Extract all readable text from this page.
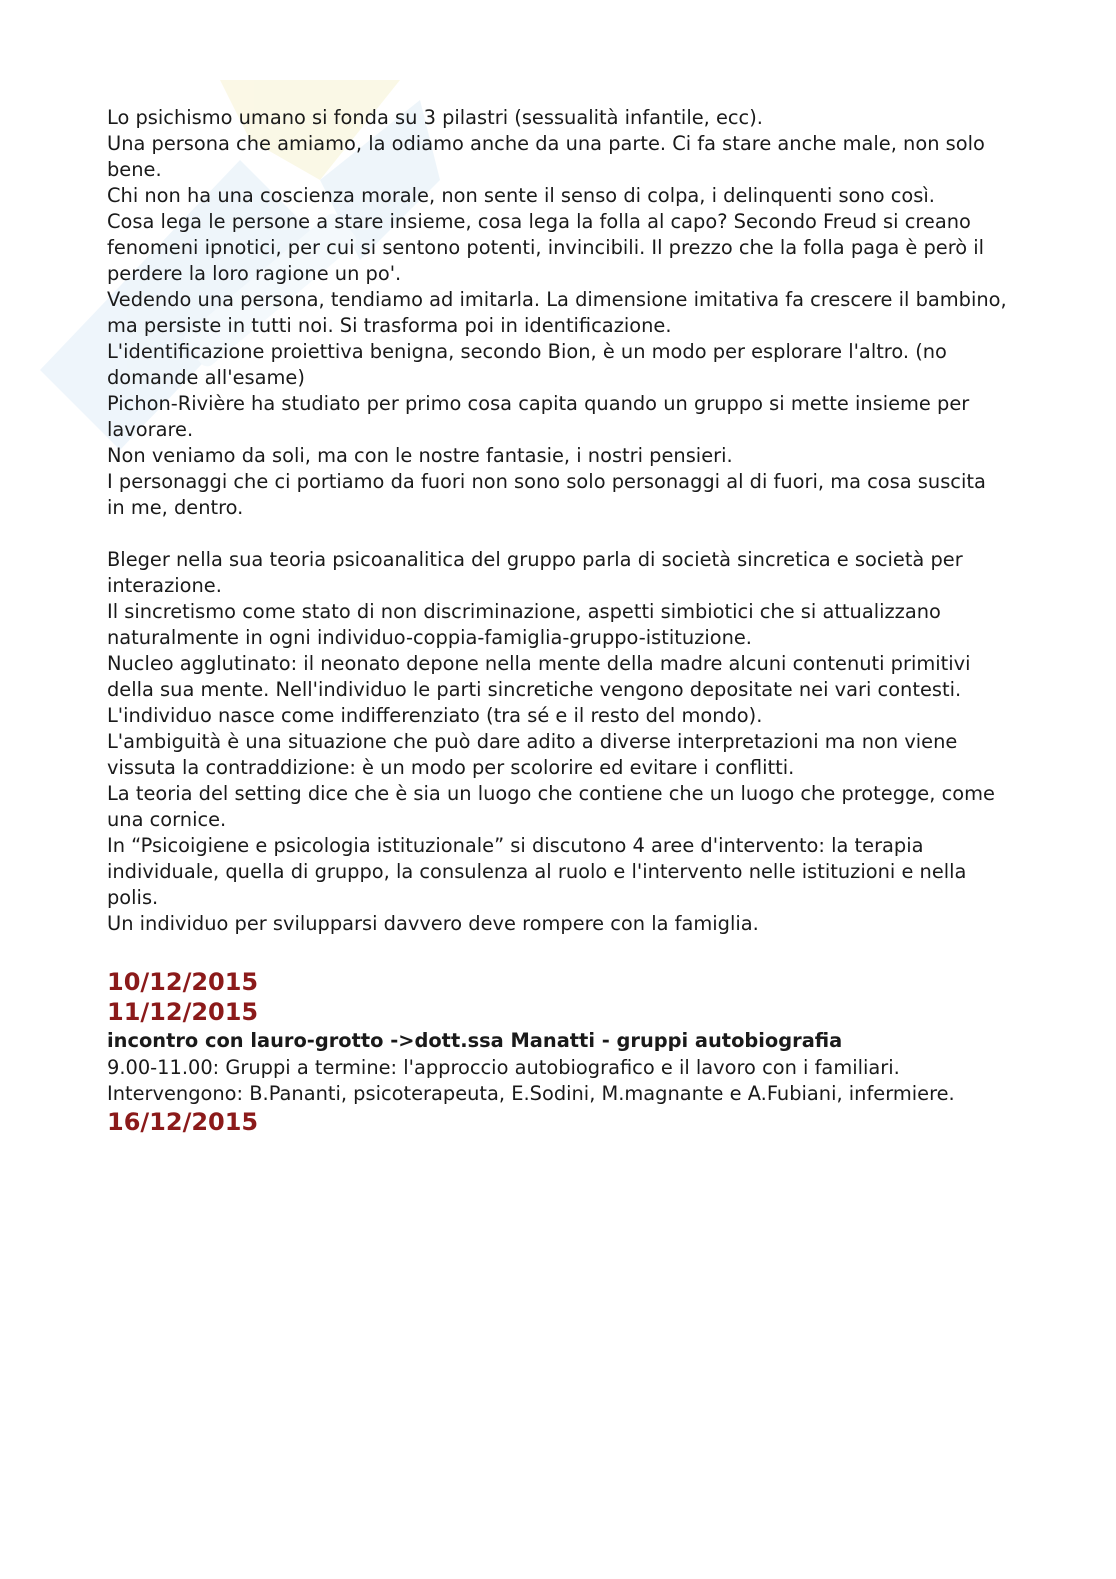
Lo psichismo umano si fonda su 3 pilastri (sessualità infantile, ecc).

Una persona che amiamo, la odiamo anche da una parte. Ci fa stare anche male, non solo bene.

Chi non ha una coscienza morale, non sente il senso di colpa, i delinquenti sono così.

Cosa lega le persone a stare insieme, cosa lega la folla al capo? Secondo Freud si creano fenomeni ipnotici, per cui si sentono potenti, invincibili. Il prezzo che la folla paga è però il perdere la loro ragione un po'.

Vedendo una persona, tendiamo ad imitarla. La dimensione imitativa fa crescere il bambino, ma persiste in tutti noi. Si trasforma poi in identificazione.

L'identificazione proiettiva benigna, secondo Bion, è un modo per esplorare l'altro. (no domande all'esame)

Pichon-Rivière ha studiato per primo cosa capita quando un gruppo si mette insieme per lavorare.

Non veniamo da soli, ma con le nostre fantasie, i nostri pensieri.

I personaggi che ci portiamo da fuori non sono solo personaggi al di fuori, ma cosa suscita in me, dentro.

Bleger nella sua teoria psicoanalitica del gruppo parla di società sincretica e società per interazione.

Il sincretismo come stato di non discriminazione, aspetti simbiotici che si attualizzano naturalmente in ogni individuo-coppia-famiglia-gruppo-istituzione.

Nucleo agglutinato: il neonato depone nella mente della madre alcuni contenuti primitivi della sua mente. Nell'individuo le parti sincretiche vengono depositate nei vari contesti.

L'individuo nasce come indifferenziato (tra sé e il resto del mondo).

L'ambiguità è una situazione che può dare adito a diverse interpretazioni ma non viene vissuta la contraddizione: è un modo per scolorire ed evitare i conflitti.

La teoria del setting dice che è sia un luogo che contiene che un luogo che protegge, come una cornice.

In “Psicoigiene e psicologia istituzionale” si discutono 4 aree d'intervento: la terapia individuale, quella di gruppo, la consulenza al ruolo e l'intervento nelle istituzioni e nella polis.

Un individuo per svilupparsi davvero deve rompere con la famiglia.

10/12/2015
11/12/2015

incontro con lauro-grotto ->dott.ssa Manatti - gruppi autobiografia

9.00-11.00: Gruppi a termine: l'approccio autobiografico e il lavoro con i familiari.

Intervengono: B.Pananti, psicoterapeuta, E.Sodini, M.magnante e A.Fubiani, infermiere.

16/12/2015
